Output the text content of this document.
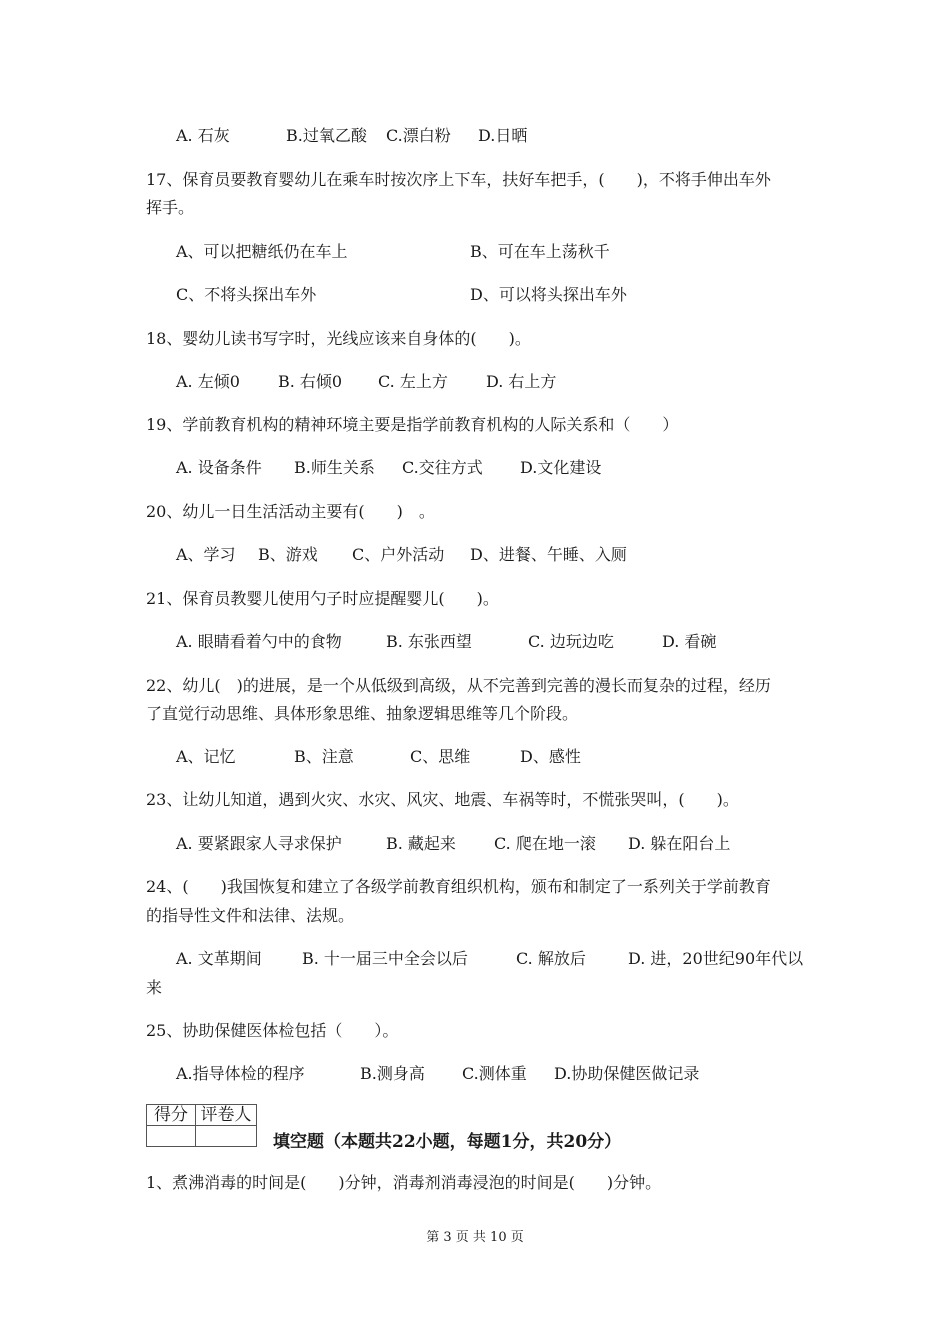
A. 石灰	B.过氧乙酸 C.漂白粉 D.日晒
17、保育员要教育婴幼儿在乘车时按次序上下车，扶好车把手，(　　)，不将手伸出车外
挥手。
A、可以把糖纸仍在车上	B、可在车上荡秋千
C、不将头探出车外	D、可以将头探出车外
18、婴幼儿读书写字时，光线应该来自身体的(　　)。
A. 左倾0 B. 右倾0 C. 左上方 D. 右上方
19、学前教育机构的精神环境主要是指学前教育机构的人际关系和（　　）
A. 设备条件 B.师生关系 C.交往方式 D.文化建设
20、幼儿一日生活活动主要有(　　)　。
A、学习 B、游戏 C、户外活动 D、进餐、午睡、入厕
21、保育员教婴儿使用勺子时应提醒婴儿(　　)。
A. 眼睛看着勺中的食物	B. 东张西望	C. 边玩边吃	D. 看碗
22、幼儿(　)的进展，是一个从低级到高级，从不完善到完善的漫长而复杂的过程，经历
了直觉行动思维、具体形象思维、抽象逻辑思维等几个阶段。
A、记忆	B、注意	C、思维	D、感性
23、让幼儿知道，遇到火灾、水灾、风灾、地震、车祸等时，不慌张哭叫，(　　)。
A. 要紧跟家人寻求保护	B. 藏起来 C. 爬在地一滚 D. 躲在阳台上
24、(　　)我国恢复和建立了各级学前教育组织机构，颁布和制定了一系列关于学前教育
的指导性文件和法律、法规。
A. 文革期间	B. 十一届三中全会以后	C. 解放后	D. 进，20世纪90年代以
来
25、协助保健医体检包括（　　）。
A.指导体检的程序	B.测身高 C.测体重 D.协助保健医做记录
得分	评卷人

填空题（本题共22小题，每题1分，共20分）
1、煮沸消毒的时间是(　　)分钟，消毒剂消毒浸泡的时间是(　　)分钟。
第 3 页 共 10 页
